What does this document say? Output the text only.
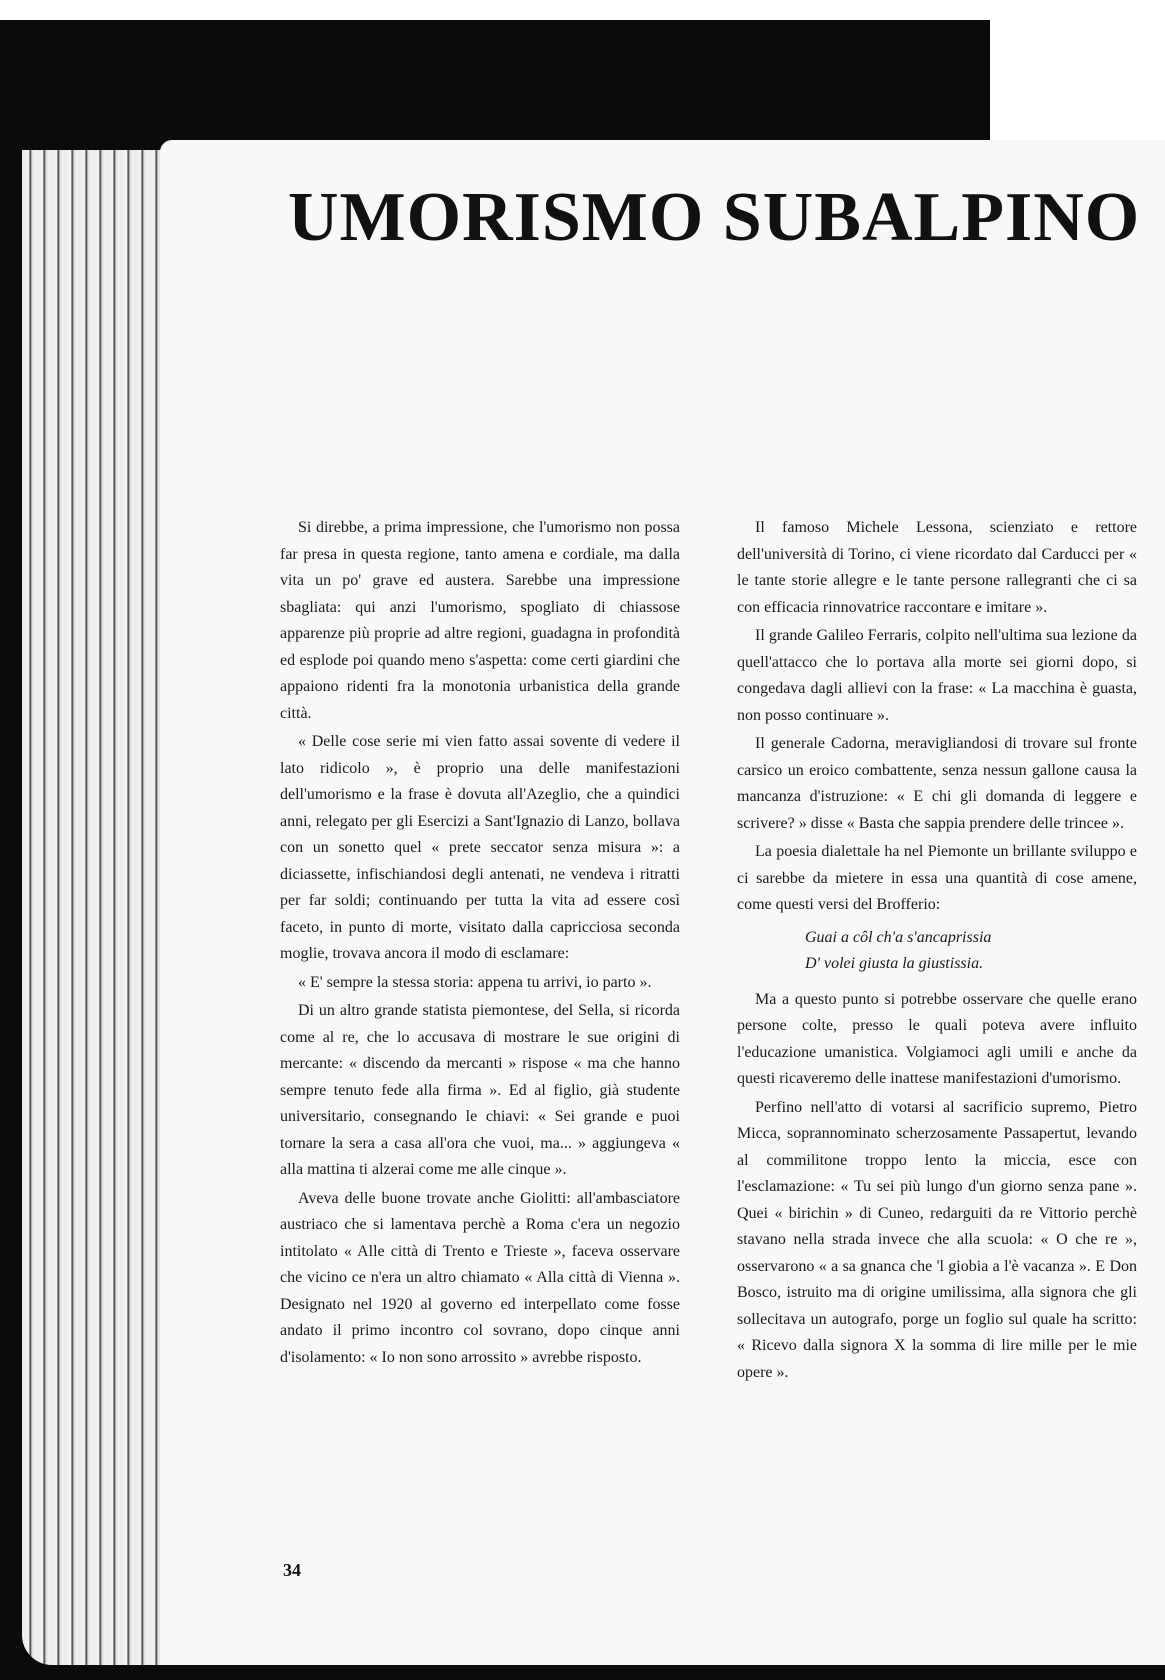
UMORISMO SUBALPINO

Si direbbe, a prima impressione, che l'umorismo non possa far presa in questa regione, tanto amena e cordiale, ma dalla vita un po' grave ed austera. Sarebbe una impressione sbagliata: qui anzi l'umorismo, spogliato di chiassose apparenze più proprie ad altre regioni, guadagna in profondità ed esplode poi quando meno s'aspetta: come certi giardini che appaiono ridenti fra la monotonia urbanistica della grande città.

« Delle cose serie mi vien fatto assai sovente di vedere il lato ridicolo », è proprio una delle manifestazioni dell'umorismo e la frase è dovuta all'Azeglio, che a quindici anni, relegato per gli Esercizi a Sant'Ignazio di Lanzo, bollava con un sonetto quel « prete seccator senza misura »: a diciassette, infischiandosi degli antenati, ne vendeva i ritratti per far soldi; continuando per tutta la vita ad essere così faceto, in punto di morte, visitato dalla capricciosa seconda moglie, trovava ancora il modo di esclamare:

« E' sempre la stessa storia: appena tu arrivi, io parto ».

Di un altro grande statista piemontese, del Sella, si ricorda come al re, che lo accusava di mostrare le sue origini di mercante: « discendo da mercanti » rispose « ma che hanno sempre tenuto fede alla firma ». Ed al figlio, già studente universitario, consegnando le chiavi: « Sei grande e puoi tornare la sera a casa all'ora che vuoi, ma... » aggiungeva « alla mattina ti alzerai come me alle cinque ».

Aveva delle buone trovate anche Giolitti: all'ambasciatore austriaco che si lamentava perchè a Roma c'era un negozio intitolato « Alle città di Trento e Trieste », faceva osservare che vicino ce n'era un altro chiamato « Alla città di Vienna ». Designato nel 1920 al governo ed interpellato come fosse andato il primo incontro col sovrano, dopo cinque anni d'isolamento: « Io non sono arrossito » avrebbe risposto.

Il famoso Michele Lessona, scienziato e rettore dell'università di Torino, ci viene ricordato dal Carducci per « le tante storie allegre e le tante persone rallegranti che ci sa con efficacia rinnovatrice raccontare e imitare ».

Il grande Galileo Ferraris, colpito nell'ultima sua lezione da quell'attacco che lo portava alla morte sei giorni dopo, si congedava dagli allievi con la frase: « La macchina è guasta, non posso continuare ».

Il generale Cadorna, meravigliandosi di trovare sul fronte carsico un eroico combattente, senza nessun gallone causa la mancanza d'istruzione: « E chi gli domanda di leggere e scrivere? » disse « Basta che sappia prendere delle trincee ».

La poesia dialettale ha nel Piemonte un brillante sviluppo e ci sarebbe da mietere in essa una quantità di cose amene, come questi versi del Brofferio:

Guai a côl ch'a s'ancaprissia
D' volei giusta la giustissia.

Ma a questo punto si potrebbe osservare che quelle erano persone colte, presso le quali poteva avere influito l'educazione umanistica. Volgiamoci agli umili e anche da questi ricaveremo delle inattese manifestazioni d'umorismo.

Perfino nell'atto di votarsi al sacrificio supremo, Pietro Micca, soprannominato scherzosamente Passapertut, levando al commilitone troppo lento la miccia, esce con l'esclamazione: « Tu sei più lungo d'un giorno senza pane ». Quei « birichin » di Cuneo, redarguiti da re Vittorio perchè stavano nella strada invece che alla scuola: « O che re », osservarono « a sa gnanca che 'l giobia a l'è vacanza ». E Don Bosco, istruito ma di origine umilissima, alla signora che gli sollecitava un autografo, porge un foglio sul quale ha scritto: « Ricevo dalla signora X la somma di lire mille per le mie opere ».

34
